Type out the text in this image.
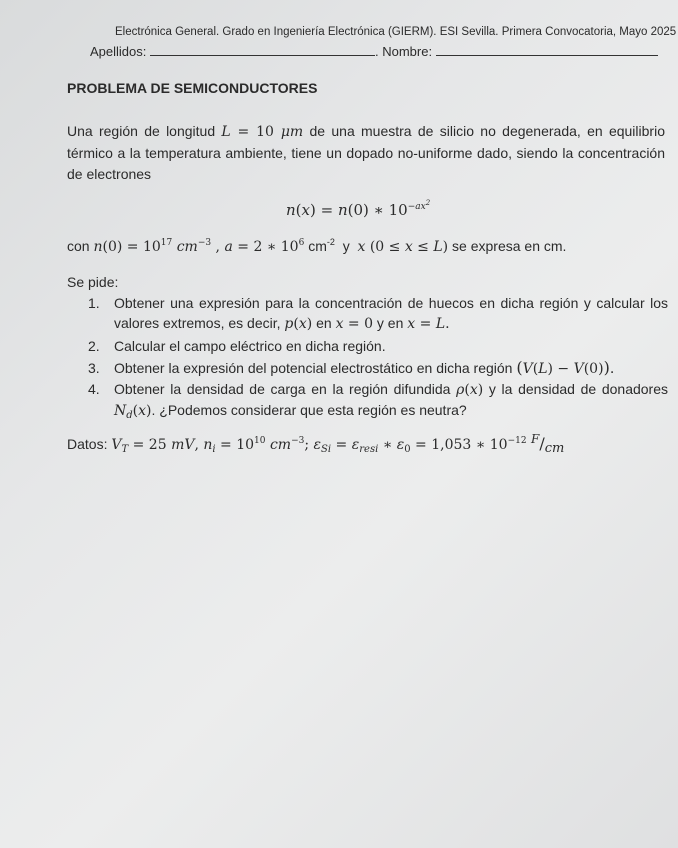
Electrónica General. Grado en Ingeniería Electrónica (GIERM). ESI Sevilla. Primera Convocatoria, Mayo 2025
Apellidos:	. Nombre:
PROBLEMA DE SEMICONDUCTORES
Una región de longitud L = 10 μm de una muestra de silicio no degenerada, en equilibrio térmico a la temperatura ambiente, tiene un dopado no-uniforme dado, siendo la concentración de electrones
n(x) = n(0) ∗ $10^{-ax^2}$
con $n(0) = 10^{17}$ $cm^{-3}$ , a = 2 ∗ $10^6$ $cm^{-2}$ y x (0 ≤ x ≤ L) se expresa en cm.
Se pide:
1.	Obtener una expresión para la concentración de huecos en dicha región y calcular los valores extremos, es decir, p(x) en x = 0 y en x = L.
2.	Calcular el campo eléctrico en dicha región.
3.	Obtener la expresión del potencial electrostático en dicha región (V(L) − V(0)).
4.	Obtener la densidad de carga en la región difundida ρ(x) y la densidad de donadores $N_d(x)$. ¿Podemos considerar que esta región es neutra?
Datos: $V_T = 25$ mV, $n_i = 10^{10}$ $cm^{-3}$; $\varepsilon_{Si} = \varepsilon_{resi}$ ∗ $\varepsilon_0 = 1,053$ ∗ $10^{-12}$ $^F/_{cm}$
